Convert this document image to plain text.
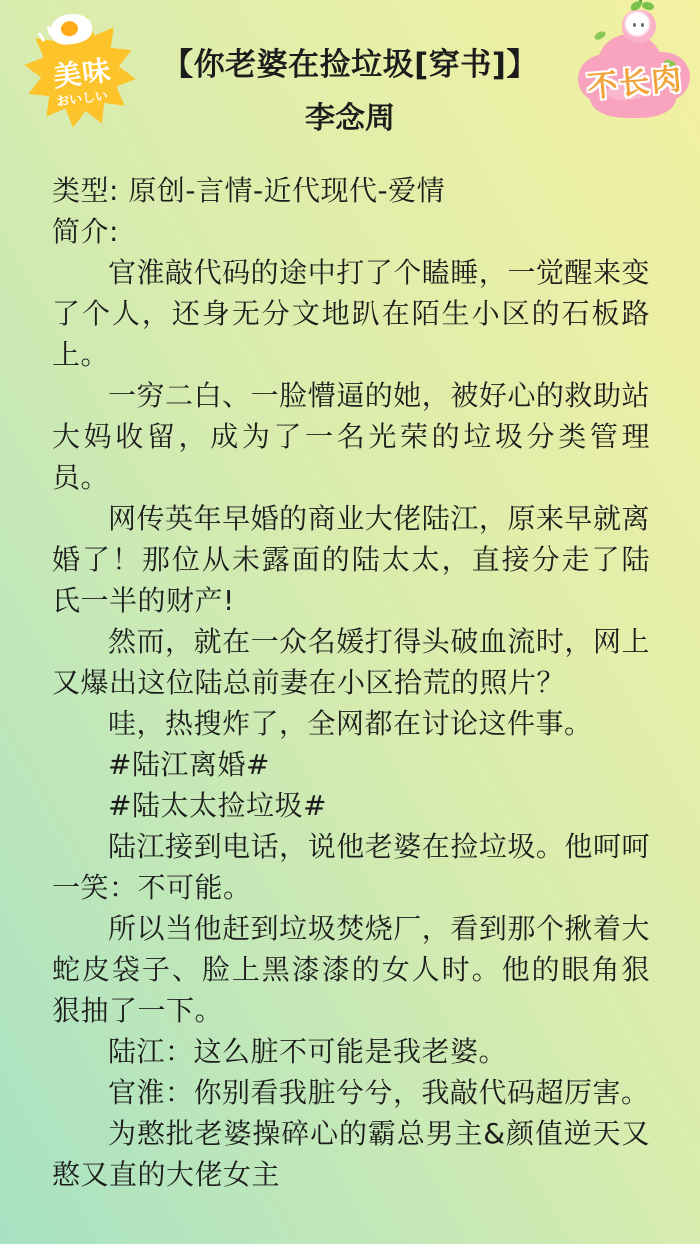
美味
おいしい
【你老婆在捡垃圾[穿书]】
李念周
不长肉

类型: 原创-言情-近代现代-爱情

简介:

官淮敲代码的途中打了个瞌睡，一觉醒来变了个人，还身无分文地趴在陌生小区的石板路上。

一穷二白、一脸懵逼的她，被好心的救助站大妈收留，成为了一名光荣的垃圾分类管理员。

网传英年早婚的商业大佬陆江，原来早就离婚了！那位从未露面的陆太太，直接分走了陆氏一半的财产!

然而，就在一众名媛打得头破血流时，网上又爆出这位陆总前妻在小区拾荒的照片？

哇，热搜炸了，全网都在讨论这件事。

#陆江离婚#

#陆太太捡垃圾#

陆江接到电话，说他老婆在捡垃圾。他呵呵一笑：不可能。

所以当他赶到垃圾焚烧厂，看到那个揪着大蛇皮袋子、脸上黑漆漆的女人时。他的眼角狠狠抽了一下。

陆江：这么脏不可能是我老婆。

官淮：你别看我脏兮兮，我敲代码超厉害。

为憨批老婆操碎心的霸总男主&颜值逆天又憨又直的大佬女主
